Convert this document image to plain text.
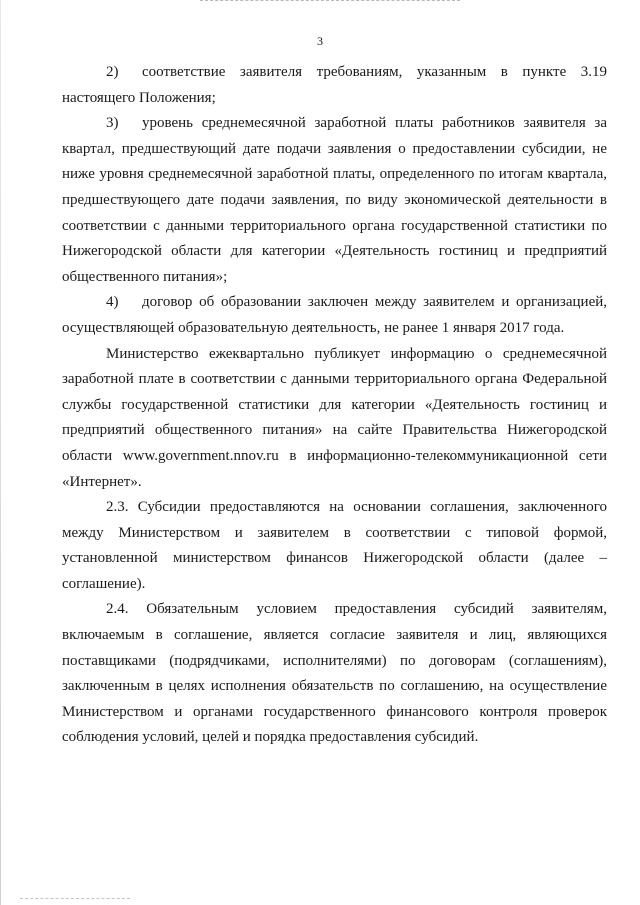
3

2) соответствие заявителя требованиям, указанным в пункте 3.19 настоящего Положения;

3) уровень среднемесячной заработной платы работников заявителя за квартал, предшествующий дате подачи заявления о предоставлении субсидии, не ниже уровня среднемесячной заработной платы, определенного по итогам квартала, предшествующего дате подачи заявления, по виду экономической деятельности в соответствии с данными территориального органа государственной статистики по Нижегородской области для категории «Деятельность гостиниц и предприятий общественного питания»;

4) договор об образовании заключен между заявителем и организацией, осуществляющей образовательную деятельность, не ранее 1 января 2017 года.

Министерство ежеквартально публикует информацию о среднемесячной заработной плате в соответствии с данными территориального органа Федеральной службы государственной статистики для категории «Деятельность гостиниц и предприятий общественного питания» на сайте Правительства Нижегородской области www.government.nnov.ru в информационно-телекоммуникационной сети «Интернет».

2.3. Субсидии предоставляются на основании соглашения, заключенного между Министерством и заявителем в соответствии с типовой формой, установленной министерством финансов Нижегородской области (далее – соглашение).

2.4. Обязательным условием предоставления субсидий заявителям, включаемым в соглашение, является согласие заявителя и лиц, являющихся поставщиками (подрядчиками, исполнителями) по договорам (соглашениям), заключенным в целях исполнения обязательств по соглашению, на осуществление Министерством и органами государственного финансового контроля проверок соблюдения условий, целей и порядка предоставления субсидий.
